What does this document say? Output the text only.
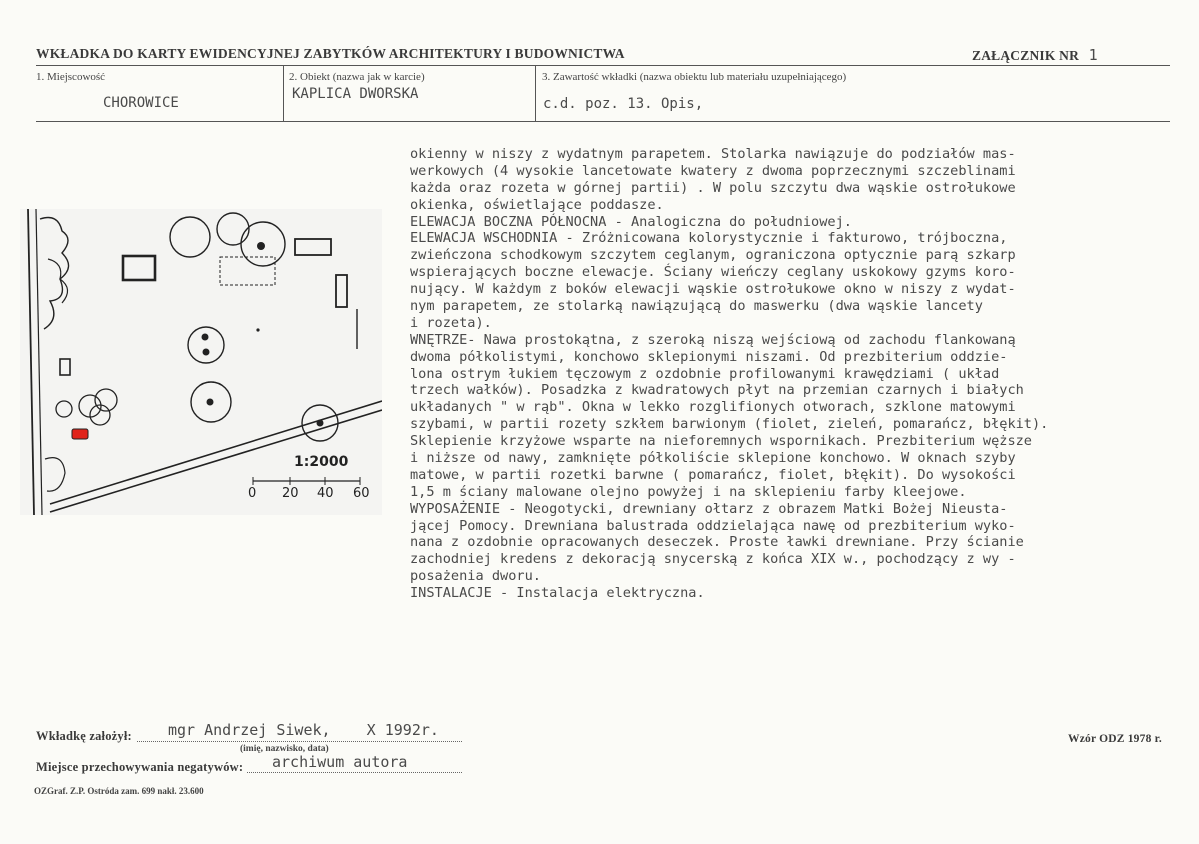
WKŁADKA DO KARTY EWIDENCYJNEJ ZABYTKÓW ARCHITEKTURY I BUDOWNICTWA	ZAŁĄCZNIK NR 1
1. Miejscowość
CHOROWICE
2. Obiekt (nazwa jak w karcie)
KAPLICA DWORSKA
3. Zawartość wkładki (nazwa obiektu lub materiału uzupełniającego)
c.d. poz. 13. Opis,
1:2000
0 20 40 60
okienny w niszy z wydatnym parapetem. Stolarka nawiązuje do podziałów mas-
werkowych (4 wysokie lancetowate kwatery z dwoma poprzecznymi szczeblinami
każda oraz rozeta w górnej partii) . W polu szczytu dwa wąskie ostrołukowe
okienka, oświetlające poddasze.
ELEWACJA BOCZNA PÓŁNOCNA - Analogiczna do południowej.
ELEWACJA WSCHODNIA - Zróżnicowana kolorystycznie i fakturowo, trójboczna,
zwieńczona schodkowym szczytem ceglanym, ograniczona optycznie parą szkarp
wspierających boczne elewacje. Ściany wieńczy ceglany uskokowy gzyms koro-
nujący. W każdym z boków elewacji wąskie ostrołukowe okno w niszy z wydat-
nym parapetem, ze stolarką nawiązującą do maswerku (dwa wąskie lancety
i rozeta).
WNĘTRZE- Nawa prostokątna, z szeroką niszą wejściową od zachodu flankowaną
dwoma półkolistymi, konchowo sklepionymi niszami. Od prezbiterium oddzie-
lona ostrym łukiem tęczowym z ozdobnie profilowanymi krawędziami ( układ
trzech wałków). Posadzka z kwadratowych płyt na przemian czarnych i białych
układanych " w rąb". Okna w lekko rozglifionych otworach, szklone matowymi
szybami, w partii rozety szkłem barwionym (fiolet, zieleń, pomarańcz, błękit).
Sklepienie krzyżowe wsparte na nieforemnych wspornikach. Prezbiterium węższe
i niższe od nawy, zamknięte półkoliście sklepione konchowo. W oknach szyby
matowe, w partii rozetki barwne ( pomarańcz, fiolet, błękit). Do wysokości
1,5 m ściany malowane olejno powyżej i na sklepieniu farby kleejowe.
WYPOSAŻENIE - Neogotycki, drewniany ołtarz z obrazem Matki Bożej Nieusta-
jącej Pomocy. Drewniana balustrada oddzielająca nawę od prezbiterium wyko-
nana z ozdobnie opracowanych deseczek. Proste ławki drewniane. Przy ścianie
zachodniej kredens z dekoracją snycerską z końca XIX w., pochodzący z wy -
posażenia dworu.
INSTALACJE - Instalacja elektryczna.
Wkładkę założył: mgr Andrzej Siwek,    X 1992r.
(imię, nazwisko, data)
Miejsce przechowywania negatywów: archiwum autora
OZGraf. Z.P. Ostróda zam. 699 nakł. 23.600
Wzór ODZ 1978 r.
